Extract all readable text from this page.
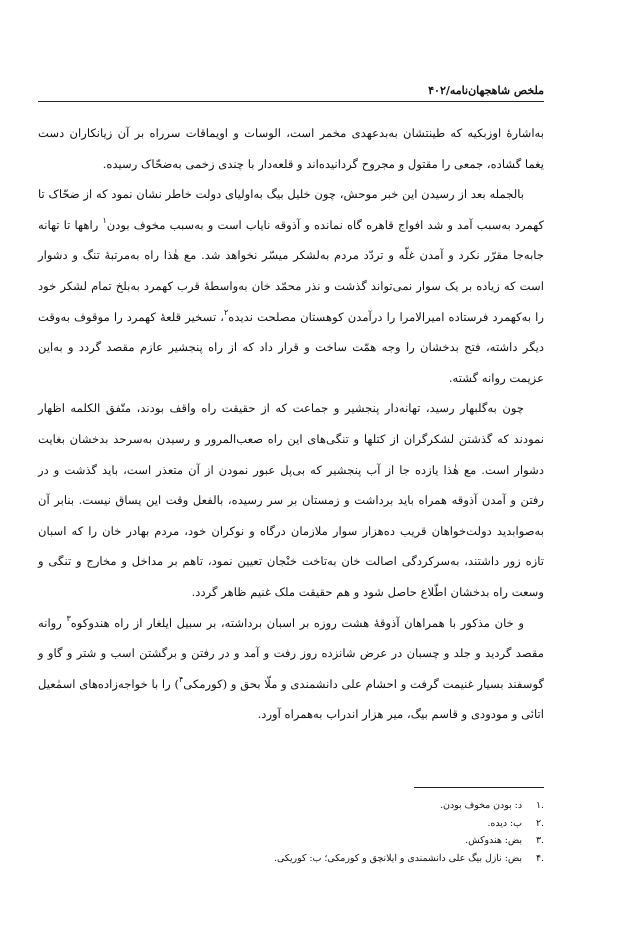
ملخص شاهجهان‌نامه/۴۰۲

به‌اشارهٔ اوزبکیه که طینتشان به‌بدعهدی مخمر است، الوسات و اویماقات سرراه بر آن زیانکاران دست یغما گشاده، جمعی را مقتول و مجروح گردانیده‌اند و قلعه‌دار با چندی زخمی به‌ضحّاک رسیده.

بالجمله بعد از رسیدن این خبر موحش، چون خلیل بیگ به‌اولیای دولت خاطر نشان نمود که از ضحّاک تا کهمرد به‌سبب آمد و شد افواج قاهره گاه نمانده و آذوقه نایاب است و به‌سبب مخوف بودن$^۱$ راهها تا تهانه جابه‌جا مقرّر نکرد و آمدن غلّه و تردّد مردم به‌لشکر میسّر نخواهد شد. مع هٰذا راه به‌مرتبهٔ تنگ و دشوار است که زیاده بر یک سوار نمی‌تواند گذشت و نذر محمّد خان به‌واسطهٔ قرب کهمرد به‌بلخ تمام لشکر خود را به‌کهمرد فرستاده امیرالامرا را درآمدن کوهستان مصلحت ندیده$^۲$، تسخیر قلعهٔ کهمرد را موقوف به‌وقت دیگر داشته، فتح بدخشان را وجه همّت ساخت و قرار داد که از راه پنجشیر عازم مقصد گردد و به‌این عزیمت روانه گشته.

چون به‌گلبهار رسید، تهانه‌دار پنجشیر و جماعت که از حقیقت راه واقف بودند، متّفق الکلمه اظهار نمودند که گذشتن لشکرگران از کتلها و تنگی‌های این راه صعب‌المرور و رسیدن به‌سرحد بدخشان بغایت دشوار است. مع هٰذا یازده جا از آب پنجشیر که بی‌پل عبور نمودن از آن متعذر است، باید گذشت و در رفتن و آمدن آذوقه همراه باید برداشت و زمستان بر سر رسیده، بالفعل وقت این یساق نیست. بنابر آن به‌صوابدید دولت‌خواهان قریب ده‌هزار سوار ملازمان درگاه و نوکران خود، مردم بهادر خان را که اسبان تازه زور داشتند، به‌سرکردگی اصالت خان به‌تاخت خنْجان تعیین نمود، تاهم بر مداخل و مخارج و تنگی و وسعت راه بدخشان اطّلاع حاصل شود و هم حقیقت ملک غنیم ظاهر گردد.

و خان مذکور با همراهان آذوقهٔ هشت روزه بر اسبان برداشته، بر سبیل ایلغار از راه هندوکوه$^۳$ روانه مقصد گردید و جلد و چسبان در عرض شانزده روز رفت و آمد و در رفتن و برگشتن اسب و شتر و گاو و گوسفند بسیار غنیمت گرفت و احشام علی دانشمندی و ملّا بحق و (کورمکی$^۴$) را با خواجه‌زاده‌های اسمٰعیل اتائی و مودودی و قاسم بیگ، میر هزار اندراب به‌همراه آورد.

.۱
د: بودن مخوف بودن.
.۲
ب: دیده.
.۳
بض: هندوکش.
.۴
بض: نازل بیگ علی دانشمندی و ایلانچق و کورمکی؛ ب: کوریکی.
